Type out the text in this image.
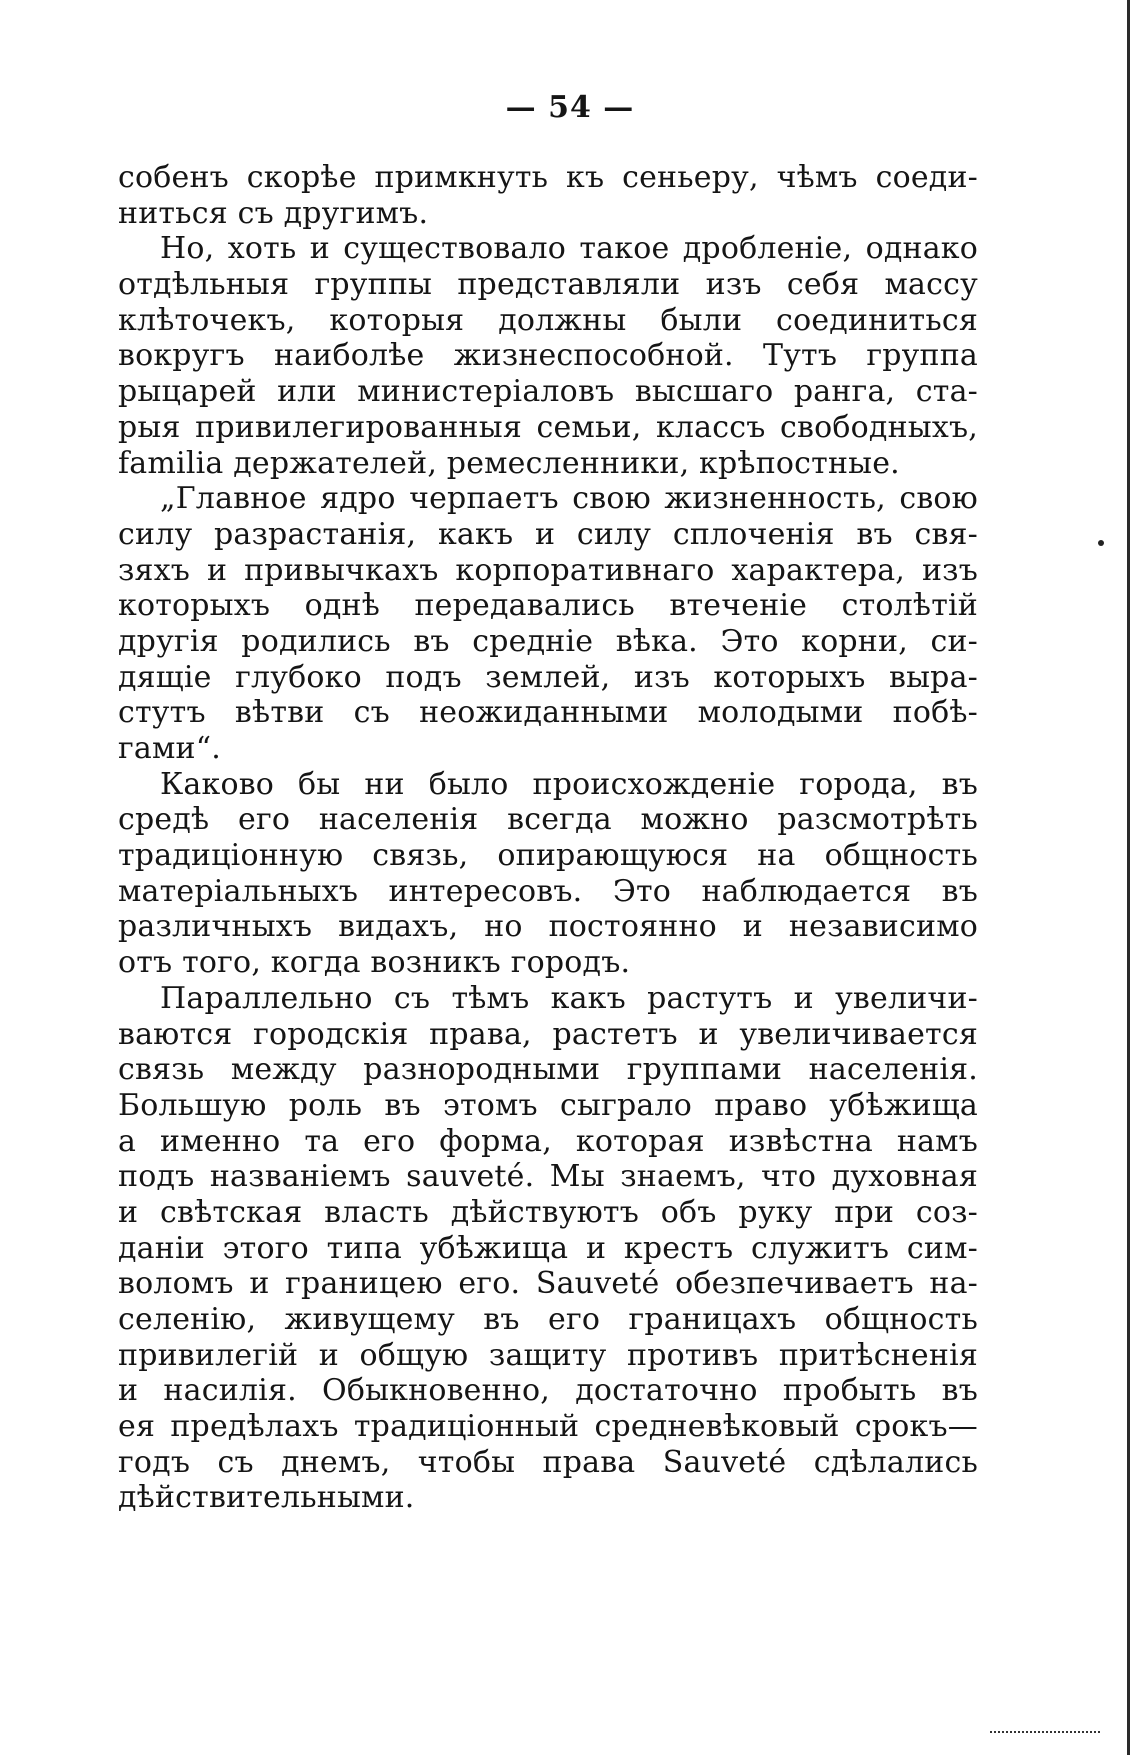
— 54 —
собенъ скорѣе примкнуть къ сеньеру, чѣмъ соеди-
ниться съ другимъ.
Но, хоть и существовало такое дробленіе, однако
отдѣльныя группы представляли изъ себя массу
клѣточекъ, которыя должны были соединиться
вокругъ наиболѣе жизнеспособной. Тутъ группа
рыцарей или министеріаловъ высшаго ранга, ста-
рыя привилегированныя семьи, классъ свободныхъ,
familia держателей, ремесленники, крѣпостные.
„Главное ядро черпаетъ свою жизненность, свою
силу разрастанія, какъ и силу сплоченія въ свя-
зяхъ и привычкахъ корпоративнаго характера, изъ
которыхъ однѣ передавались втеченіе столѣтій
другія родились въ средніе вѣка. Это корни, си-
дящіе глубоко подъ землей, изъ которыхъ выра-
стутъ вѣтви съ неожиданными молодыми побѣ-
гами“.
Каково бы ни было происхожденіе города, въ
средѣ его населенія всегда можно разсмотрѣть
традиціонную связь, опирающуюся на общность
матеріальныхъ интересовъ. Это наблюдается въ
различныхъ видахъ, но постоянно и независимо
отъ того, когда возникъ городъ.
Параллельно съ тѣмъ какъ растутъ и увеличи-
ваются городскія права, растетъ и увеличивается
связь между разнородными группами населенія.
Большую роль въ этомъ сыграло право убѣжища
а именно та его форма, которая извѣстна намъ
подъ названіемъ sauveté. Мы знаемъ, что духовная
и свѣтская власть дѣйствуютъ объ руку при соз-
даніи этого типа убѣжища и крестъ служитъ сим-
воломъ и границею его. Sauveté обезпечиваетъ на-
селенію, живущему въ его границахъ общность
привилегій и общую защиту противъ притѣсненія
и насилія. Обыкновенно, достаточно пробыть въ
ея предѣлахъ традиціонный средневѣковый срокъ—
годъ съ днемъ, чтобы права Sauveté сдѣлались
дѣйствительными.
